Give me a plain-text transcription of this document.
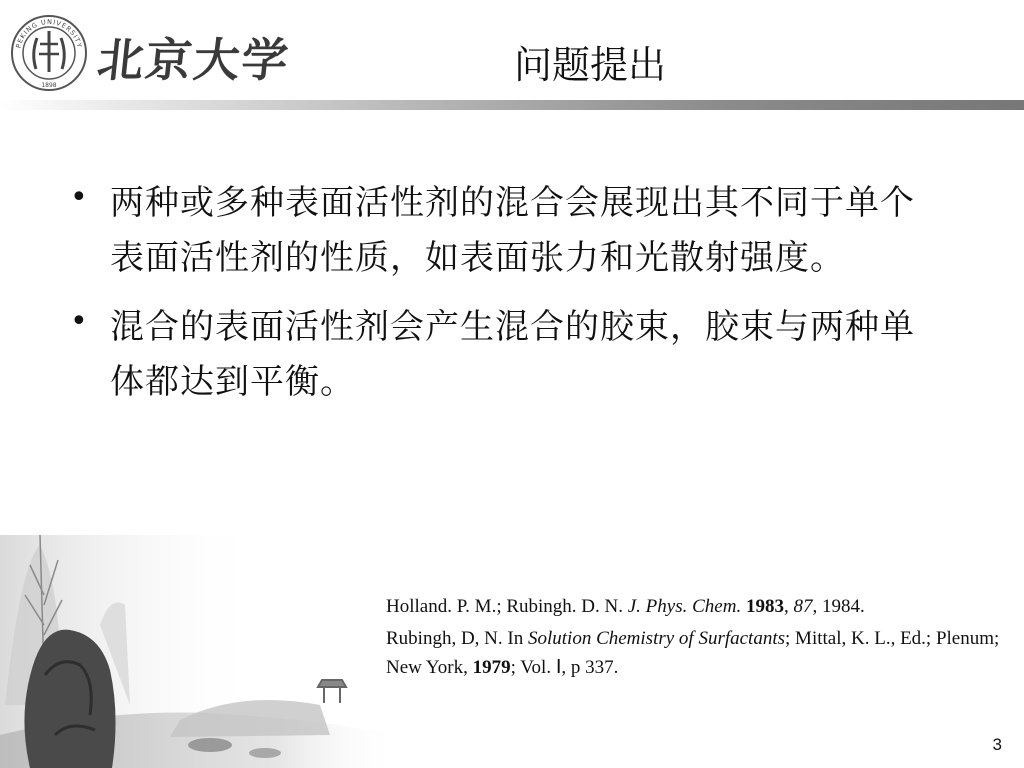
PEKING UNIVERSITY
1898 北京大学	问题提出
• 两种或多种表面活性剂的混合会展现出其不同于单个表面活性剂的性质，如表面张力和光散射强度。
• 混合的表面活性剂会产生混合的胶束，胶束与两种单体都达到平衡。

Holland. P. M.; Rubingh. D. N. J. Phys. Chem. 1983, 87, 1984.

Rubingh, D, N. In Solution Chemistry of Surfactants; Mittal, K. L., Ed.; Plenum; New York, 1979; Vol. Ⅰ, p 337.

3
